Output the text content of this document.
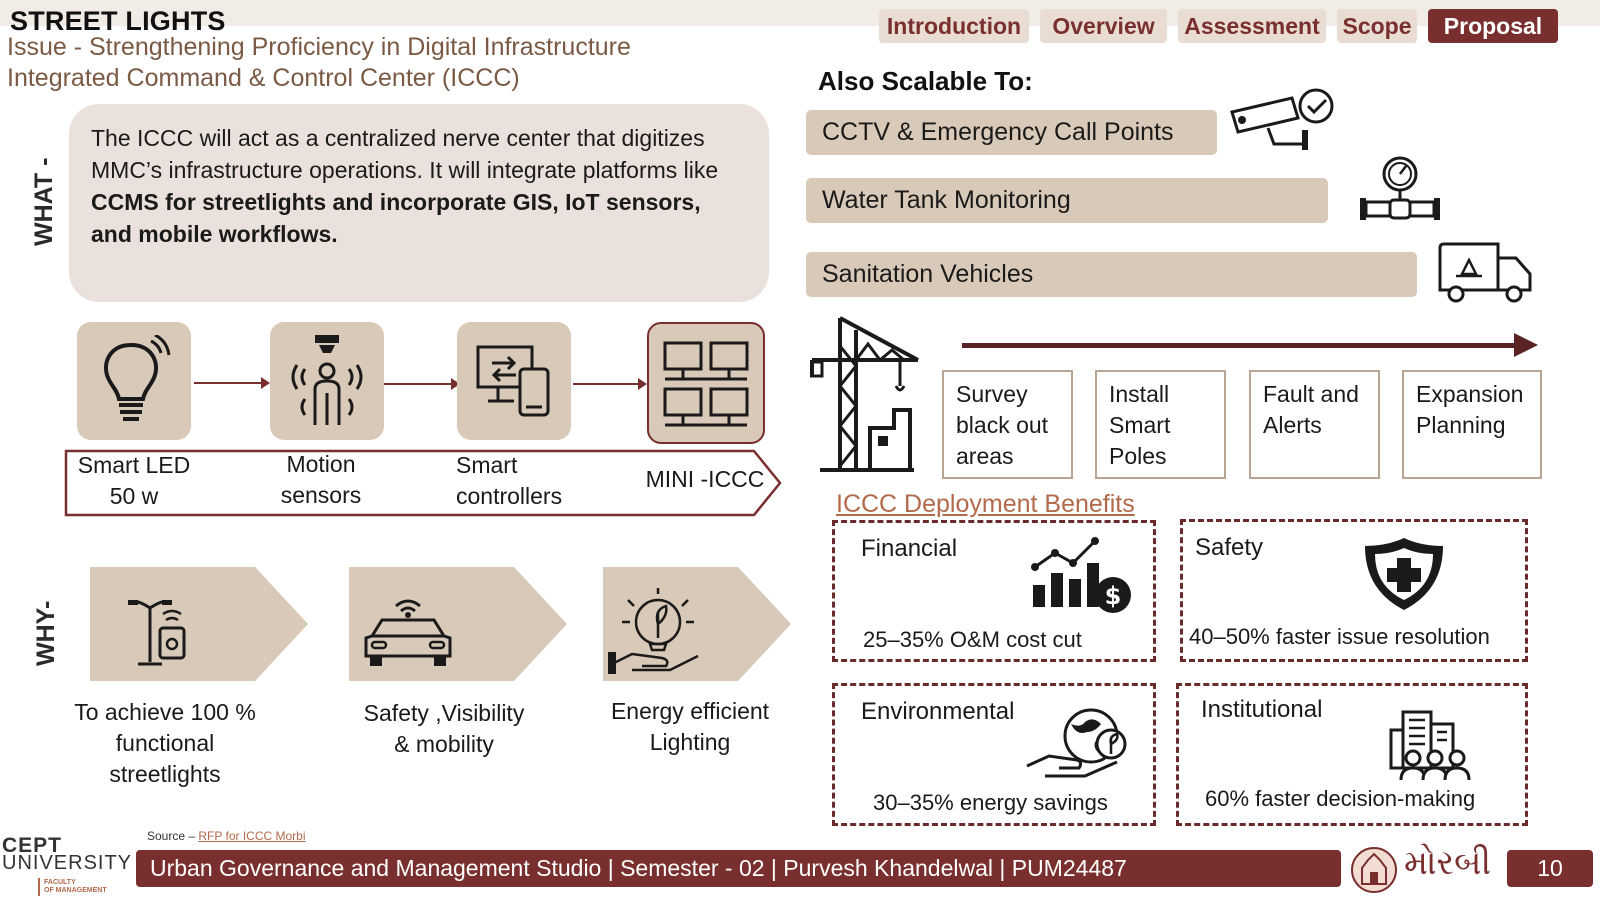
STREET LIGHTS
Issue - Strengthening Proficiency in Digital Infrastructure
Integrated Command & Control Center (ICCC)
Introduction	Overview	Assessment Scope	Proposal
WHAT -
The ICCC will act as a centralized nerve center that digitizes MMC’s infrastructure operations. It will integrate platforms like
CCMS for streetlights and incorporate GIS, IoT sensors, and mobile workflows.
Smart LED
50 w
Motion
sensors
Smart
controllers
MINI -ICCC
WHY-
To achieve 100 %
functional
streetlights
Safety ,Visibility
& mobility
Energy efficient
Lighting
Also Scalable To:
CCTV & Emergency Call Points
Water Tank Monitoring
Sanitation Vehicles
Survey
black out
areas
Install
Smart
Poles
Fault and
Alerts
Expansion
Planning
ICCC Deployment Benefits
Financial
$
25–35% O&M cost cut
Safety
40–50% faster issue resolution
Environmental
30–35% energy savings
Institutional
60% faster decision-making
CEPT
UNIVERSITY
FACULTY
OF MANAGEMENT
Source – RFP for ICCC Morbi
Urban Governance and Management Studio | Semester - 02 | Purvesh Khandelwal | PUM24487	મોરબી	10
